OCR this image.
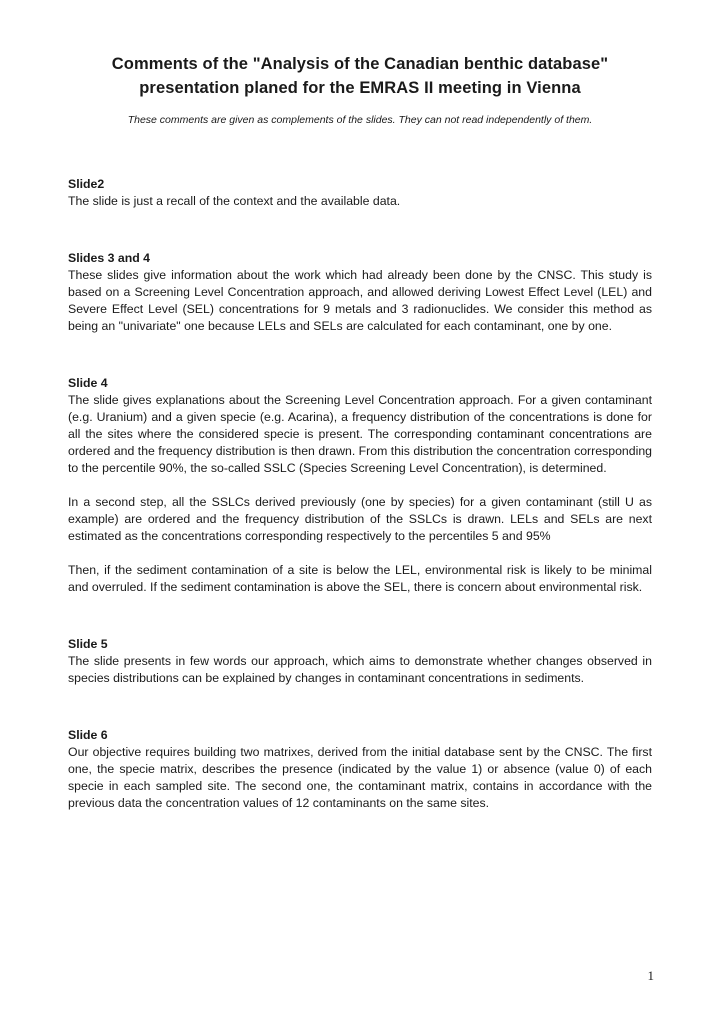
Comments of the "Analysis of the Canadian benthic database" presentation planed for the EMRAS II meeting in Vienna

These comments are given as complements of the slides. They can not read independently of them.

Slide2

The slide is just a recall of the context and the available data.

Slides 3 and 4

These slides give information about the work which had already been done by the CNSC. This study is based on a Screening Level Concentration approach, and allowed deriving Lowest Effect Level (LEL) and Severe Effect Level (SEL) concentrations for 9 metals and 3 radionuclides. We consider this method as being an "univariate" one because LELs and SELs are calculated for each contaminant, one by one.

Slide 4

The slide gives explanations about the Screening Level Concentration approach. For a given contaminant (e.g. Uranium) and a given specie (e.g. Acarina), a frequency distribution of the concentrations is done for all the sites where the considered specie is present. The corresponding contaminant concentrations are ordered and the frequency distribution is then drawn. From this distribution the concentration corresponding to the percentile 90%, the so-called SSLC (Species Screening Level Concentration), is determined.

In a second step, all the SSLCs derived previously (one by species) for a given contaminant (still U as example) are ordered and the frequency distribution of the SSLCs is drawn. LELs and SELs are next estimated as the concentrations corresponding respectively to the percentiles 5 and 95%

Then, if the sediment contamination of a site is below the LEL, environmental risk is likely to be minimal and overruled. If the sediment contamination is above the SEL, there is concern about environmental risk.

Slide 5

The slide presents in few words our approach, which aims to demonstrate whether changes observed in species distributions can be explained by changes in contaminant concentrations in sediments.

Slide 6

Our objective requires building two matrixes, derived from the initial database sent by the CNSC. The first one, the specie matrix, describes the presence (indicated by the value 1) or absence (value 0) of each specie in each sampled site. The second one, the contaminant matrix, contains in accordance with the previous data the concentration values of 12 contaminants on the same sites.

1
